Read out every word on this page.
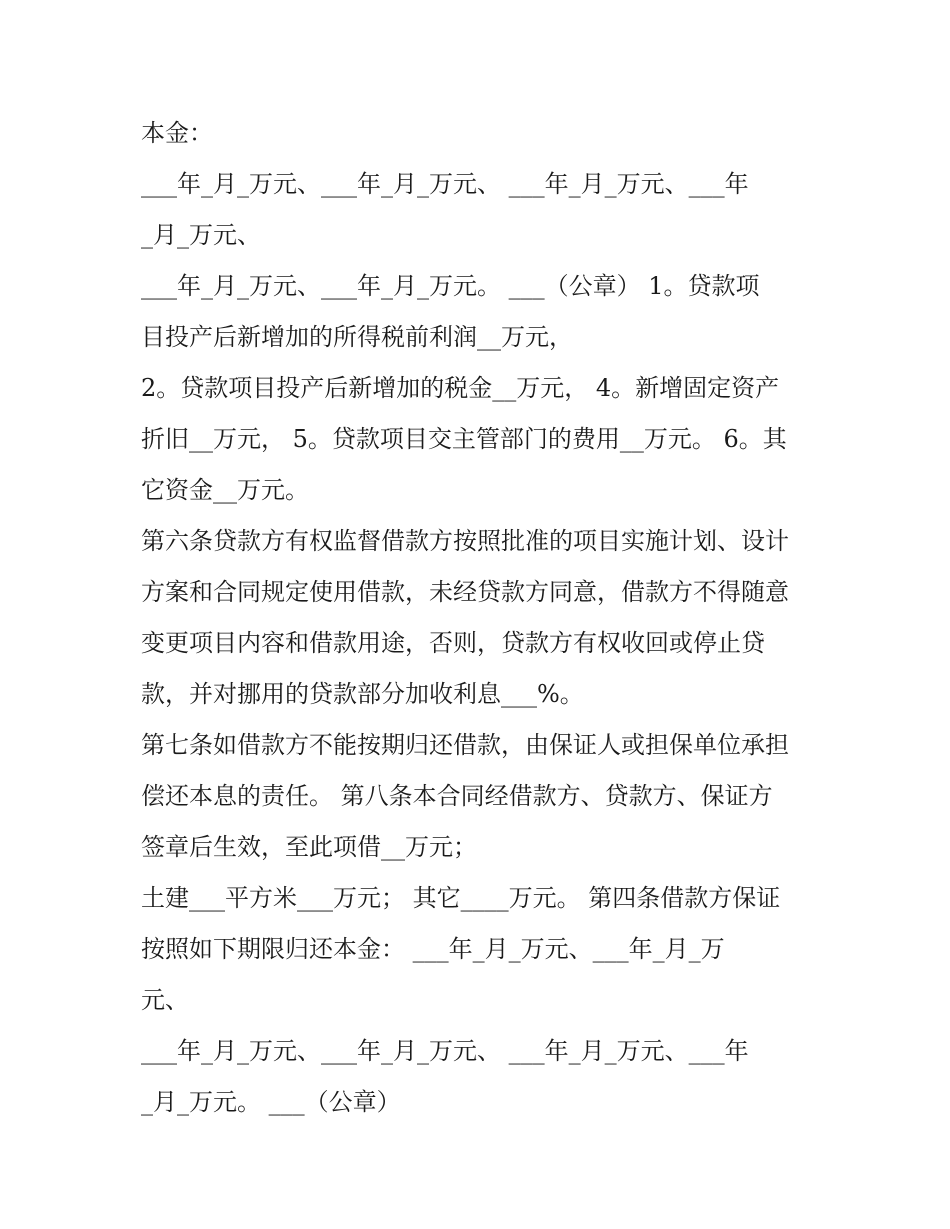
本金：
___年_月_万元、___年_月_万元、 ___年_月_万元、___年
_月_万元、
___年_月_万元、___年_月_万元。 ___（公章） 1。贷款项
目投产后新增加的所得税前利润__万元，
2。贷款项目投产后新增加的税金__万元， 4。新增固定资产
折旧__万元， 5。贷款项目交主管部门的费用__万元。 6。其
它资金__万元。
第六条贷款方有权监督借款方按照批准的项目实施计划、设计
方案和合同规定使用借款，未经贷款方同意，借款方不得随意
变更项目内容和借款用途，否则，贷款方有权收回或停止贷
款，并对挪用的贷款部分加收利息___%。
第七条如借款方不能按期归还借款，由保证人或担保单位承担
偿还本息的责任。 第八条本合同经借款方、贷款方、保证方
签章后生效，至此项借__万元；
土建___平方米___万元； 其它____万元。 第四条借款方保证
按照如下期限归还本金： ___年_月_万元、___年_月_万
元、
___年_月_万元、___年_月_万元、 ___年_月_万元、___年
_月_万元。 ___（公章）
